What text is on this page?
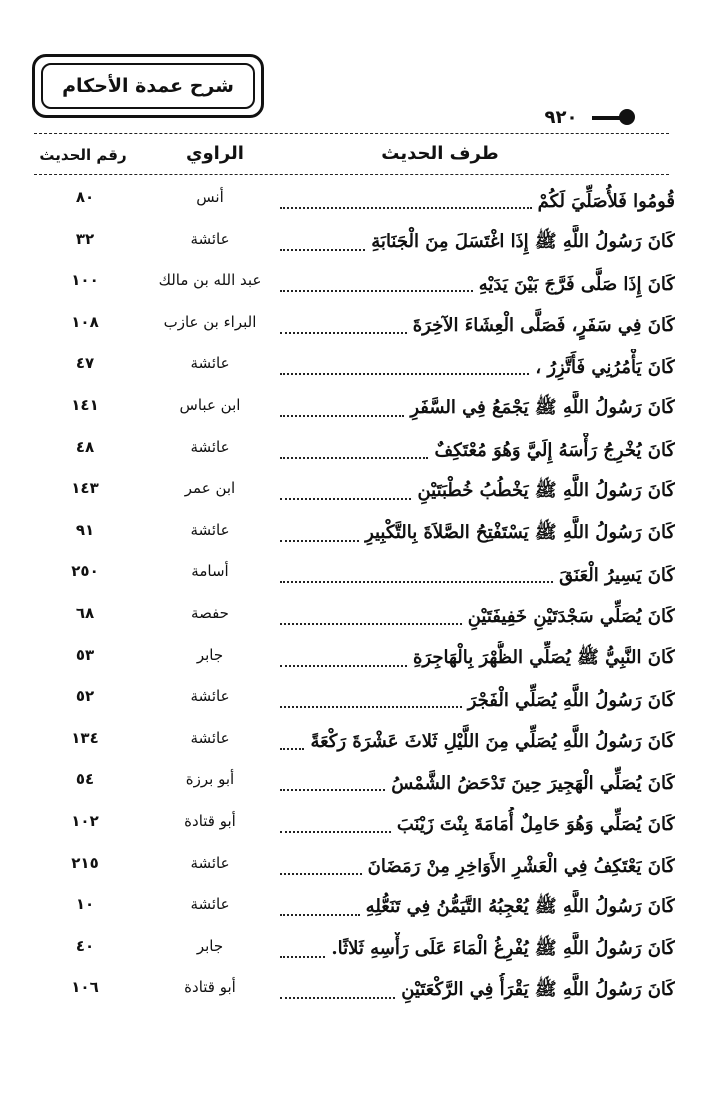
شرح عمدة الأحكام
٩٢٠
طرف الحديث
الراوي
رقم الحديث
قُومُوا فَلأُصَلِّيَ لَكُمْ
أنس
٨٠
كَانَ رَسُولُ اللَّهِ ﷺ إِذَا اغْتَسَلَ مِنَ الْجَنَابَةِ
عائشة
٣٢
كَانَ إِذَا صَلَّى فَرَّجَ بَيْنَ يَدَيْهِ
عبد الله بن مالك
١٠٠
كَانَ فِي سَفَرٍ، فَصَلَّى الْعِشَاءَ الآخِرَةَ
البراء بن عازب
١٠٨
كَانَ يَأْمُرُنِي فَأَتَّزِرُ ،
عائشة
٤٧
كَانَ رَسُولُ اللَّهِ ﷺ يَجْمَعُ فِي السَّفَرِ
ابن عباس
١٤١
كَانَ يُخْرِجُ رَأْسَهُ إِلَيَّ وَهُوَ مُعْتَكِفٌ
عائشة
٤٨
كَانَ رَسُولُ اللَّهِ ﷺ يَخْطُبُ خُطْبَتَيْنِ
ابن عمر
١٤٣
كَانَ رَسُولُ اللَّهِ ﷺ يَسْتَفْتِحُ الصَّلاَةَ بِالتَّكْبِيرِ
عائشة
٩١
كَانَ يَسِيرُ الْعَنَقَ
أسامة
٢٥٠
كَانَ يُصَلِّي سَجْدَتَيْنِ خَفِيفَتَيْنِ
حفصة
٦٨
كَانَ النَّبِيُّ ﷺ يُصَلِّي الظُّهْرَ بِالْهَاجِرَةِ
جابر
٥٣
كَانَ رَسُولُ اللَّهِ يُصَلِّي الْفَجْرَ
عائشة
٥٢
كَانَ رَسُولُ اللَّهِ يُصَلِّي مِنَ اللَّيْلِ ثَلاثَ عَشْرَةَ رَكْعَةً
عائشة
١٣٤
كَانَ يُصَلِّي الْهَجِيرَ حِينَ تَدْحَضُ الشَّمْسُ
أبو برزة
٥٤
كَانَ يُصَلِّي وَهُوَ حَامِلٌ أُمَامَةَ بِنْتَ زَيْنَبَ
أبو قتادة
١٠٢
كَانَ يَعْتَكِفُ فِي الْعَشْرِ الأَوَاخِرِ مِنْ رَمَضَانَ
عائشة
٢١٥
كَانَ رَسُولُ اللَّهِ ﷺ يُعْجِبُهُ التَّيَمُّنُ فِي تَنَعُّلِهِ
عائشة
١٠
كَانَ رَسُولُ اللَّهِ ﷺ يُفْرِغُ الْمَاءَ عَلَى رَأْسِهِ ثَلاثًا.
جابر
٤٠
كَانَ رَسُولُ اللَّهِ ﷺ يَقْرَأُ فِي الرَّكْعَتَيْنِ
أبو قتادة
١٠٦
